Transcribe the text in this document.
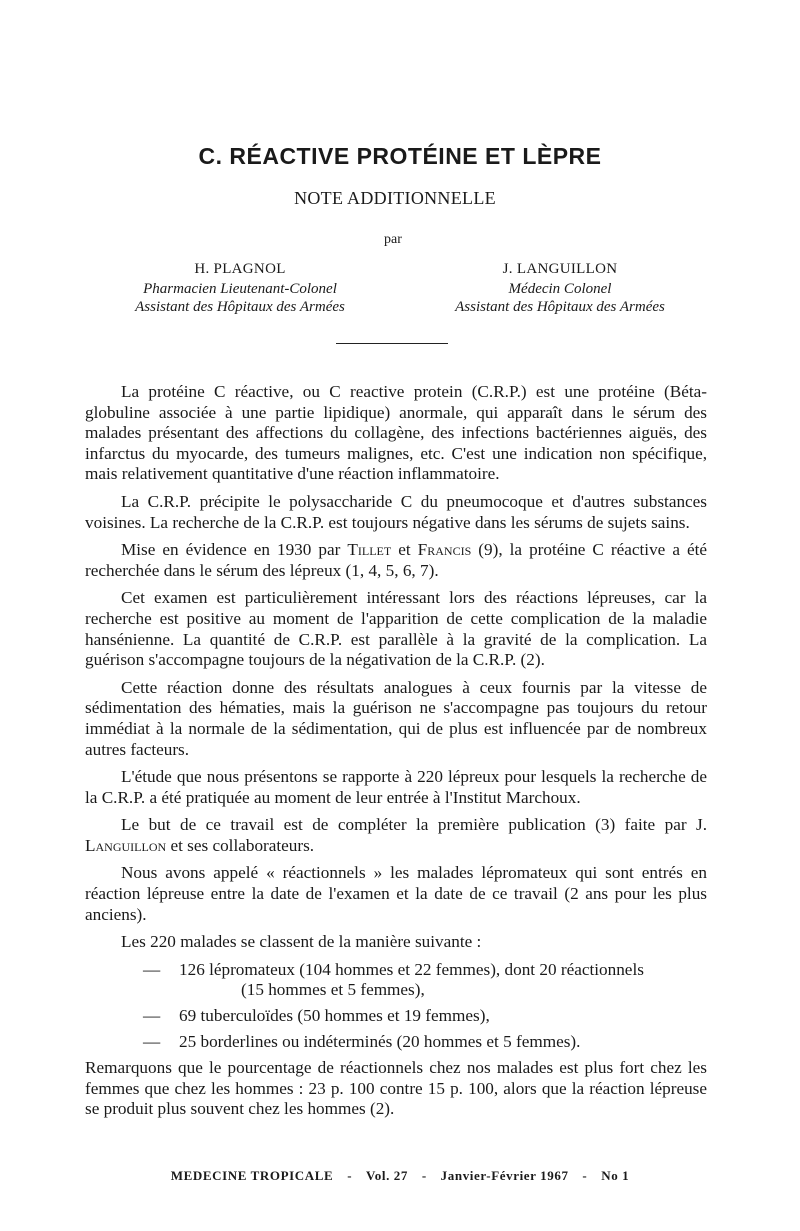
C. RÉACTIVE PROTÉINE ET LÈPRE
NOTE ADDITIONNELLE
par
H. PLAGNOL
Pharmacien Lieutenant-Colonel
Assistant des Hôpitaux des Armées
J. LANGUILLON
Médecin Colonel
Assistant des Hôpitaux des Armées

La protéine C réactive, ou C reactive protein (C.R.P.) est une protéine (Béta-globuline associée à une partie lipidique) anormale, qui apparaît dans le sérum des malades présentant des affections du collagène, des infections bactériennes aiguës, des infarctus du myocarde, des tumeurs malignes, etc. C'est une indication non spécifique, mais relativement quantitative d'une réaction inflammatoire.

La C.R.P. précipite le polysaccharide C du pneumocoque et d'autres substances voisines. La recherche de la C.R.P. est toujours négative dans les sérums de sujets sains.

Mise en évidence en 1930 par Tillet et Francis (9), la protéine C réactive a été recherchée dans le sérum des lépreux (1, 4, 5, 6, 7).

Cet examen est particulièrement intéressant lors des réactions lépreuses, car la recherche est positive au moment de l'apparition de cette complication de la maladie hansénienne. La quantité de C.R.P. est parallèle à la gravité de la complication. La guérison s'accompagne toujours de la négativation de la C.R.P. (2).

Cette réaction donne des résultats analogues à ceux fournis par la vitesse de sédimentation des hématies, mais la guérison ne s'accompagne pas toujours du retour immédiat à la normale de la sédimentation, qui de plus est influencée par de nombreux autres facteurs.

L'étude que nous présentons se rapporte à 220 lépreux pour lesquels la recherche de la C.R.P. a été pratiquée au moment de leur entrée à l'Institut Marchoux.

Le but de ce travail est de compléter la première publication (3) faite par J. Languillon et ses collaborateurs.

Nous avons appelé « réactionnels » les malades lépromateux qui sont entrés en réaction lépreuse entre la date de l'examen et la date de ce travail (2 ans pour les plus anciens).

Les 220 malades se classent de la manière suivante :

—	126 lépromateux (104 hommes et 22 femmes), dont 20 réactionnels
(15 hommes et 5 femmes),
—	69 tuberculoïdes (50 hommes et 19 femmes),
—	25 borderlines ou indéterminés (20 hommes et 5 femmes).

Remarquons que le pourcentage de réactionnels chez nos malades est plus fort chez les femmes que chez les hommes : 23 p. 100 contre 15 p. 100, alors que la réaction lépreuse se produit plus souvent chez les hommes (2).

MEDECINE TROPICALE - Vol. 27 - Janvier-Février 1967 - No 1
